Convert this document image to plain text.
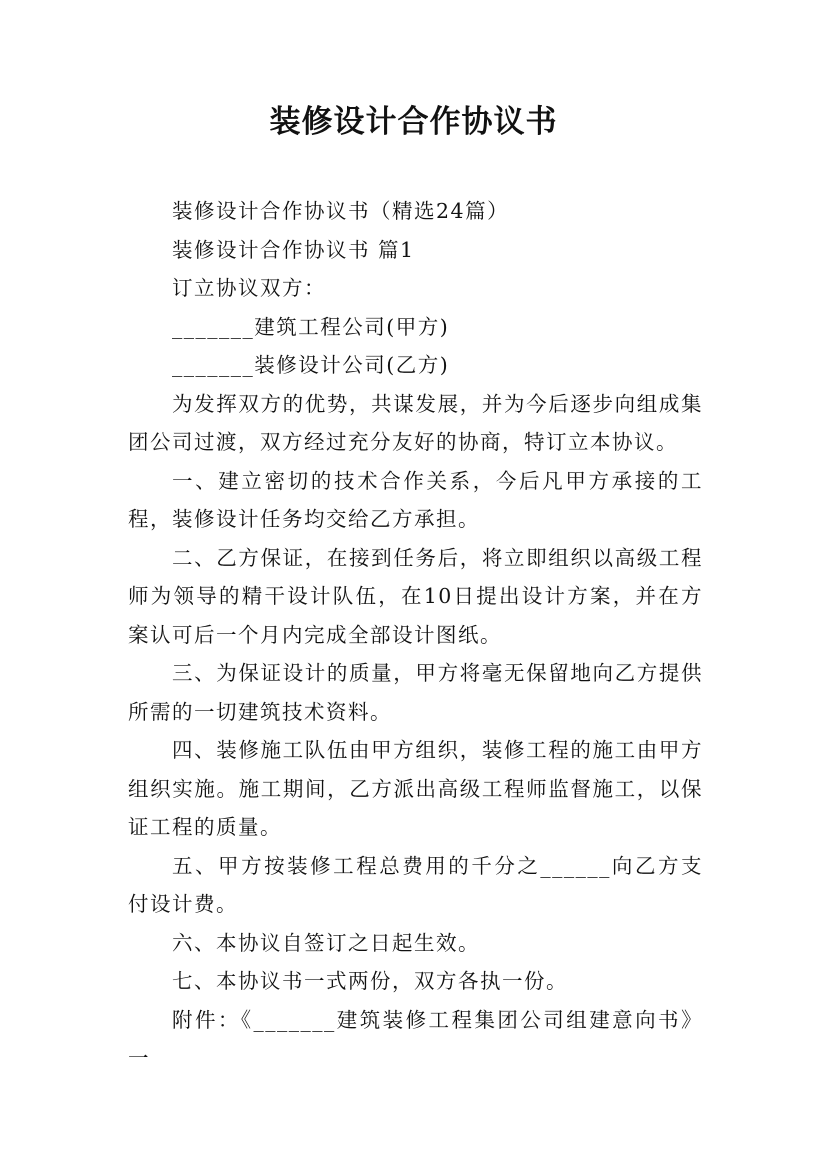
装修设计合作协议书

装修设计合作协议书（精选24篇）

装修设计合作协议书 篇1

订立协议双方：

_______建筑工程公司(甲方)

_______装修设计公司(乙方)

为发挥双方的优势，共谋发展，并为今后逐步向组成集团公司过渡，双方经过充分友好的协商，特订立本协议。

一、建立密切的技术合作关系，今后凡甲方承接的工程，装修设计任务均交给乙方承担。

二、乙方保证，在接到任务后，将立即组织以高级工程师为领导的精干设计队伍，在10日提出设计方案，并在方案认可后一个月内完成全部设计图纸。

三、为保证设计的质量，甲方将毫无保留地向乙方提供所需的一切建筑技术资料。

四、装修施工队伍由甲方组织，装修工程的施工由甲方组织实施。施工期间，乙方派出高级工程师监督施工，以保证工程的质量。

五、甲方按装修工程总费用的千分之______向乙方支付设计费。

六、本协议自签订之日起生效。

七、本协议书一式两份，双方各执一份。

附件：《_______建筑装修工程集团公司组建意向书》一
